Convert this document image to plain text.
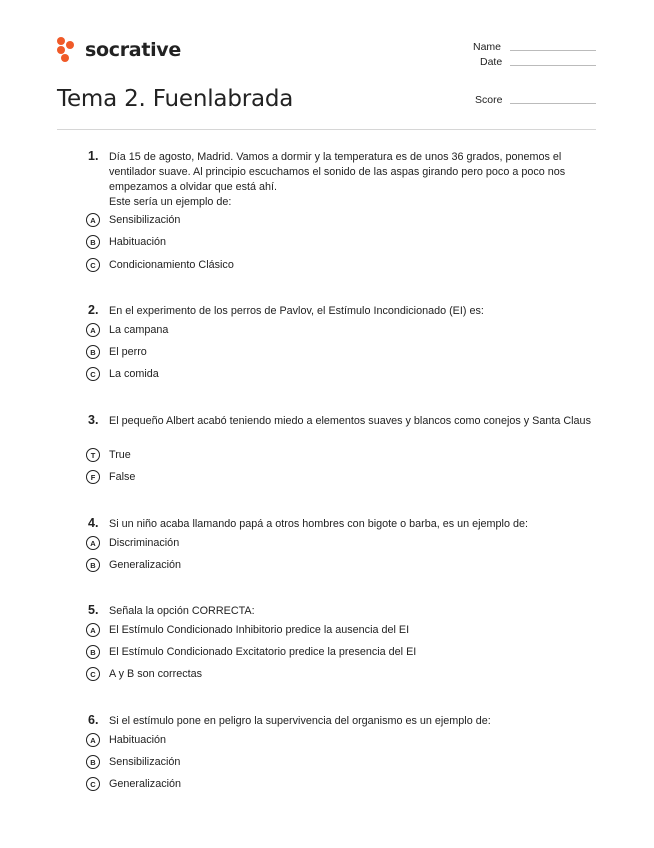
socrative	Name
Date
Score
Tema 2. Fuenlabrada
1. Día 15 de agosto, Madrid. Vamos a dormir y la temperatura es de unos 36 grados, ponemos el ventilador suave. Al principio escuchamos el sonido de las aspas girando pero poco a poco nos empezamos a olvidar que está ahí.
Este sería un ejemplo de:

A	Sensibilización
B	Habituación
C	Condicionamiento Clásico
2. En el experimento de los perros de Pavlov, el Estímulo Incondicionado (EI) es:

A	La campana
B	El perro
C	La comida
3. El pequeño Albert acabó teniendo miedo a elementos suaves y blancos como conejos y Santa Claus

T	True
F	False
4. Si un niño acaba llamando papá a otros hombres con bigote o barba, es un ejemplo de:

A	Discriminación
B	Generalización
5. Señala la opción CORRECTA:

A	El Estímulo Condicionado Inhibitorio predice la ausencia del EI
B	El Estímulo Condicionado Excitatorio predice la presencia del EI
C	A y B son correctas
6. Si el estímulo pone en peligro la supervivencia del organismo es un ejemplo de:

A	Habituación
B	Sensibilización
C	Generalización
